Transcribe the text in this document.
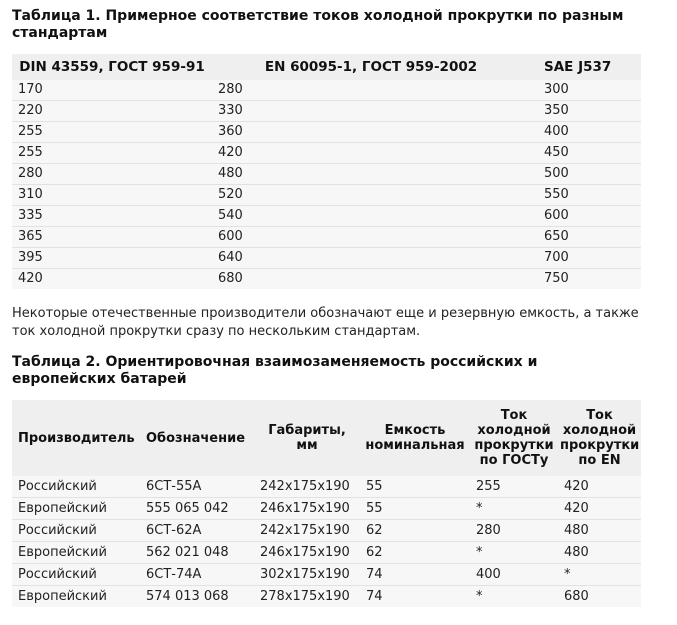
Таблица 1. Примерное соответствие токов холодной прокрутки по разным стандартам

DIN 43559, ГОСТ 959-91	EN 60095-1, ГОСТ 959-2002	SAE J537
170	280	300
220	330	350
255	360	400
255	420	450
280	480	500
310	520	550
335	540	600
365	600	650
395	640	700
420	680	750

Некоторые отечественные производители обозначают еще и резервную емкость, а также ток холодной прокрутки сразу по нескольким стандартам.

Таблица 2. Ориентировочная взаимозаменяемость российских и европейских батарей

Производитель	Обозначение	Габариты, мм	Емкость номинальная	Ток холодной прокрутки по ГОСТу	Ток холодной прокрутки по EN
Российский	6СТ-55А	242х175х190	55	255	420
Европейский	555 065 042	246х175х190	55	*	420
Российский	6СТ-62А	242х175х190	62	280	480
Европейский	562 021 048	246х175х190	62	*	480
Российский	6СТ-74А	302х175х190	74	400	*
Европейский	574 013 068	278х175х190	74	*	680
